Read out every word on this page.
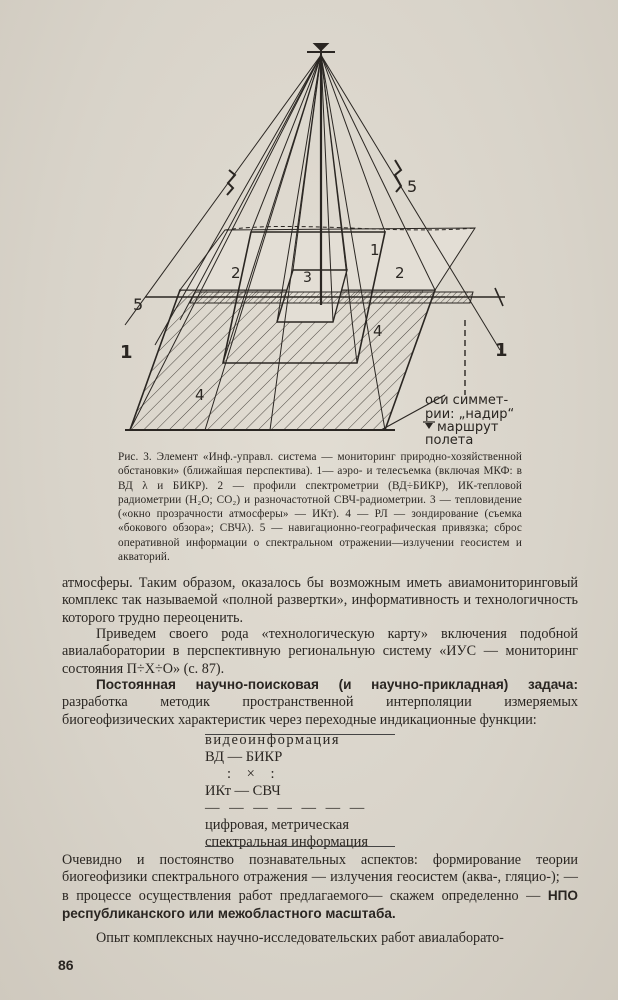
1
2	2
3
4
4
5
5
1	1
оси симмет-
рии: „надир“
маршрут
полета
Рис. 3. Элемент «Инф.-управл. система — мониторинг природно-хозяйственной обстановки» (ближайшая перспектива). 1— аэро- и телесъемка (включая МКФ: в ВД λ и БИКР). 2 — профили спектрометрии (ВД÷БИКР), ИК-тепловой радиометрии (H₂O; CO₂) и разночастотной СВЧ-радиометрии. 3 — тепловидение («окно прозрачности атмосферы» — ИКт). 4 — РЛ — зондирование (съемка «бокового обзора»; СВЧλ). 5 — навигационно-географическая привязка; сброс оперативной информации о спектральном отражении—излучении геосистем и акваторий.
атмосферы. Таким образом, оказалось бы возможным иметь авиамониторинговый комплекс так называемой «полной развертки», информативность и технологичность которого трудно переоценить.
Приведем своего рода «технологическую карту» включения подобной авиалаборатории в перспективную региональную систему «ИУС — мониторинг состояния П÷Х÷О» (с. 87).
Постоянная научно-поисковая (и научно-прикладная) задача: разработка методик пространственной интерполяции измеряемых биогеофизических характеристик через переходные индикационные функции:
видеоинформация
ВД — БИКР
: × :
ИКт — СВЧ
— — — — — — —
цифровая, метрическая
спектральная информация
Очевидно и постоянство познавательных аспектов: формирование теории биогеофизики спектрального отражения — излучения геосистем (аква-, гляцио-); — в процессе осуществления работ предлагаемого— скажем определенно — НПО республиканского или межобластного масштаба.
Опыт комплексных научно-исследовательских работ авиалаборато-
86
